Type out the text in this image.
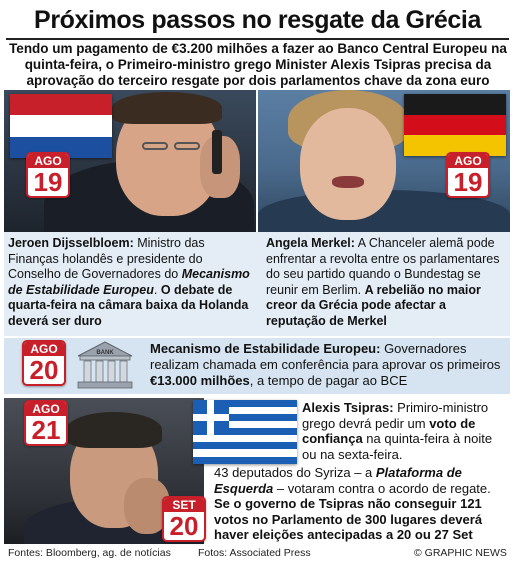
Próximos passos no resgate da Grécia
Tendo um pagamento de €3.200 milhões a fazer ao Banco Central Europeu na quinta-feira, o Primeiro-ministro grego Minister Alexis Tsipras precisa da aprovação do terceiro resgate por dois parlamentos chave da zona euro
AGO
19
AGO
19
Jeroen Dijsselbloem: Ministro das Finanças holandês e presidente do Conselho de Governadores do Mecanismo de Estabilidade Europeu. O debate de quarta-feira na câmara baixa da Holanda deverá ser duro
Angela Merkel: A Chanceler alemã pode enfrentar a revolta entre os parlamentares do seu partido quando o Bundestag se reunir em Berlim. A rebelião no maior creor da Grécia pode afectar a reputação de Merkel
AGO
20
BANK	Mecanismo de Estabilidade Europeu: Governadores realizam chamada em conferência para aprovar os primeiros €13.000 milhões, a tempo de pagar ao BCE
AGO
21
Alexis Tsipras: Primiro-ministro grego devrá pedir um voto de confiança na quinta-feira à noite ou na sexta-feira.
43 deputados do Syriza – a Plataforma de Esquerda – votaram contra o acordo de regate. Se o governo de Tsipras não conseguir 121 votos no Parlamento de 300 lugares deverá haver eleições antecipadas a 20 ou 27 Set
SET
20
Fontes: Bloomberg, ag. de notícias	Fotos: Associated Press	© GRAPHIC NEWS
